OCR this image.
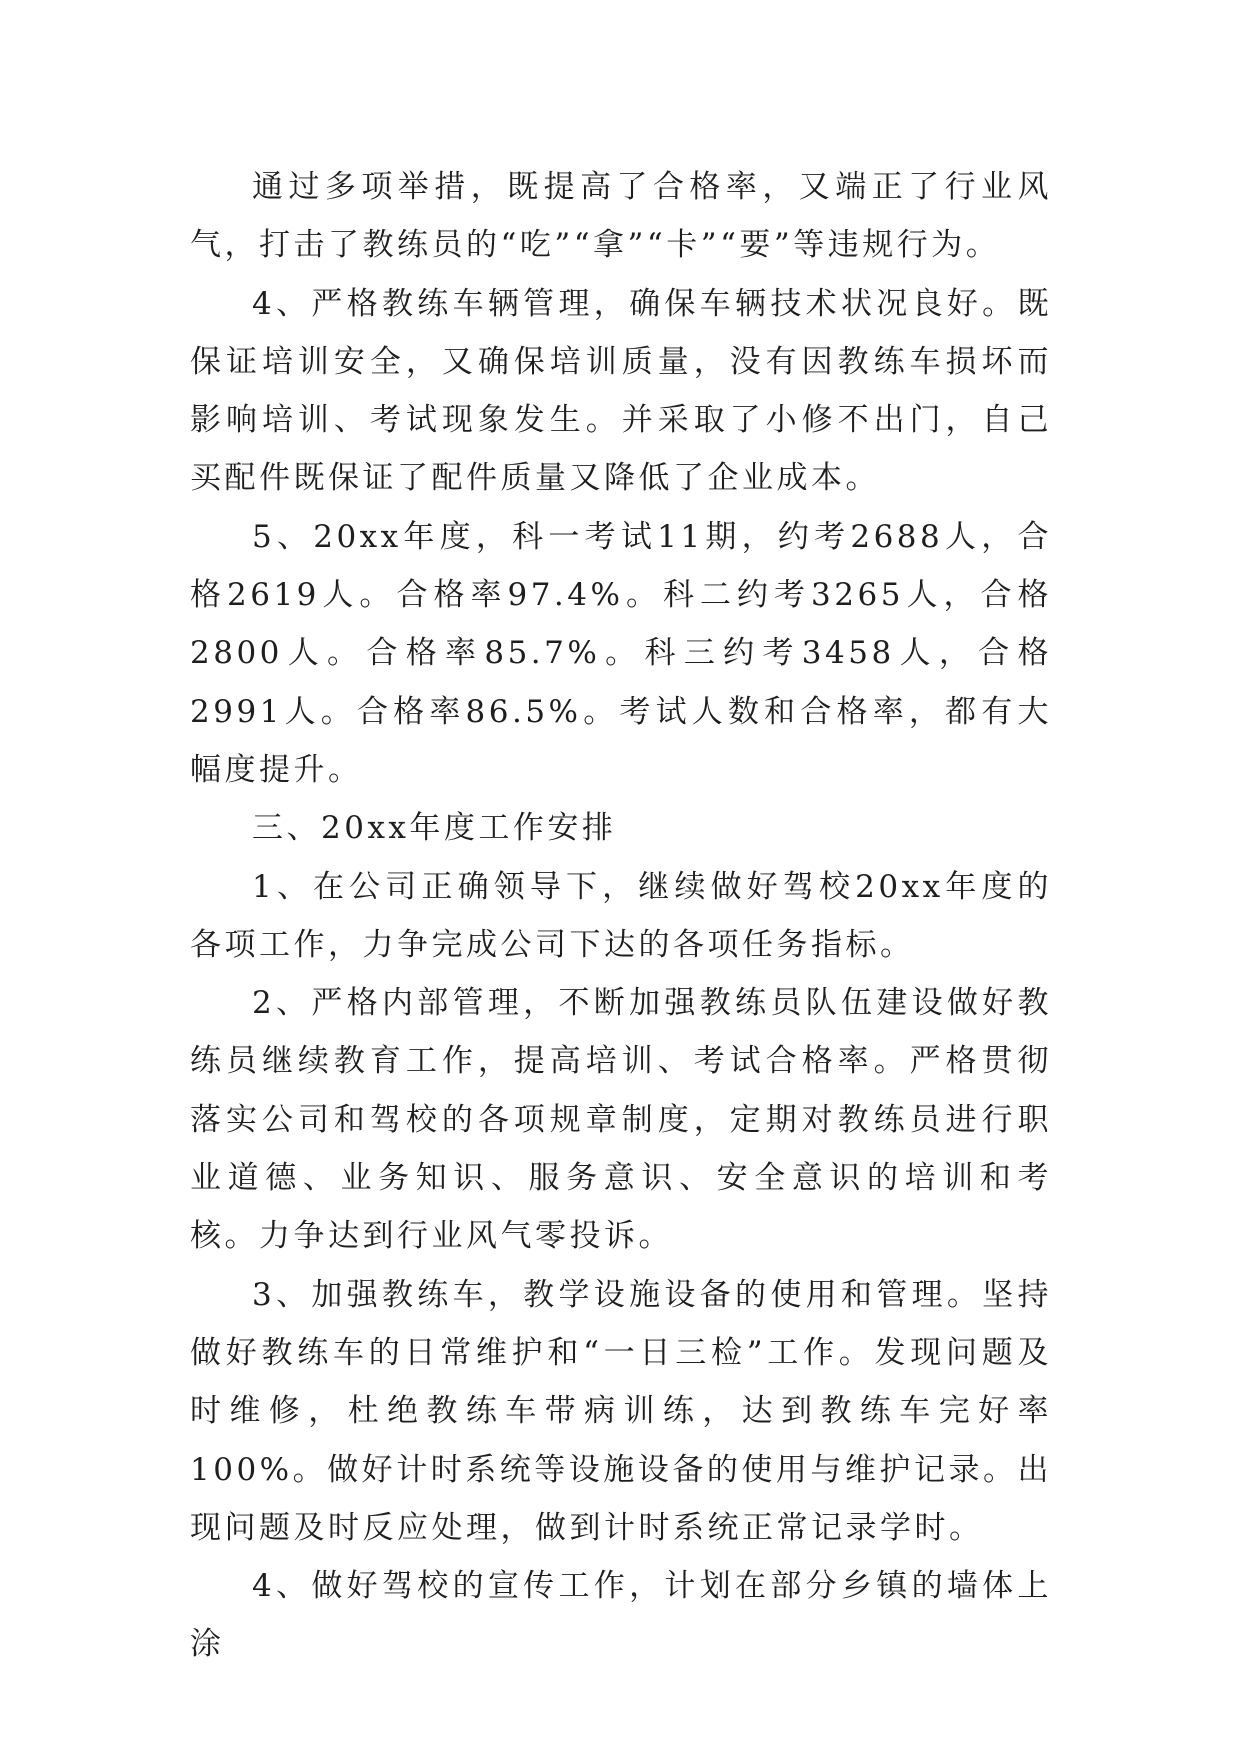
通过多项举措，既提高了合格率，又端正了行业风气，打击了教练员的“吃”“拿”“卡”“要”等违规行为。

4、严格教练车辆管理，确保车辆技术状况良好。既保证培训安全，又确保培训质量，没有因教练车损坏而影响培训、考试现象发生。并采取了小修不出门，自己买配件既保证了配件质量又降低了企业成本。

5、20xx年度，科一考试11期，约考2688人，合格2619人。合格率97.4%。科二约考3265人，合格2800人。合格率85.7%。科三约考3458人，合格2991人。合格率86.5%。考试人数和合格率，都有大幅度提升。

三、20xx年度工作安排

1、在公司正确领导下，继续做好驾校20xx年度的各项工作，力争完成公司下达的各项任务指标。

2、严格内部管理，不断加强教练员队伍建设做好教练员继续教育工作，提高培训、考试合格率。严格贯彻落实公司和驾校的各项规章制度，定期对教练员进行职业道德、业务知识、服务意识、安全意识的培训和考核。力争达到行业风气零投诉。

3、加强教练车，教学设施设备的使用和管理。坚持做好教练车的日常维护和“一日三检”工作。发现问题及时维修，杜绝教练车带病训练，达到教练车完好率100%。做好计时系统等设施设备的使用与维护记录。出现问题及时反应处理，做到计时系统正常记录学时。

4、做好驾校的宣传工作，计划在部分乡镇的墙体上涂
